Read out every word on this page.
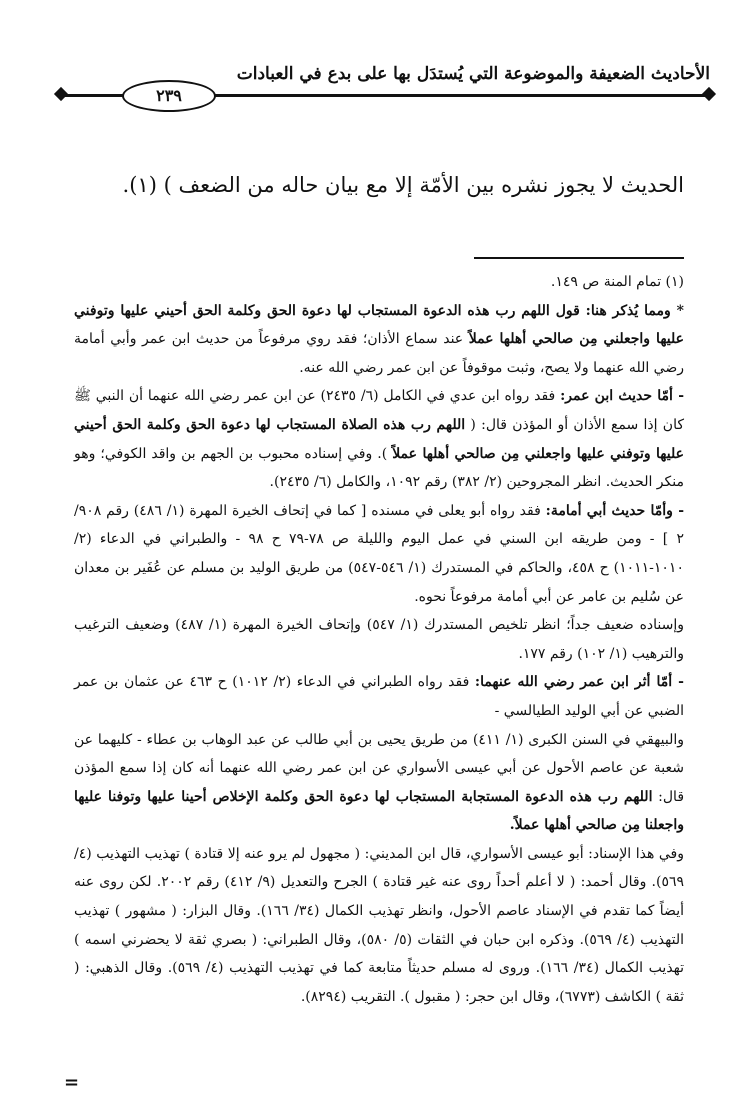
الأحاديث الضعيفة والموضوعة التي يُستدَل بها على بدع في العبادات
٢٣٩
الحديث لا يجوز نشره بين الأمّة إلا مع بيان حاله من الضعف ) (١).

(١) تمام المنة ص ١٤٩.

* ومما يُذكر هنا: قول اللهم رب هذه الدعوة المستجاب لها دعوة الحق وكلمة الحق أحيني عليها وتوفني عليها واجعلني مِن صالحي أهلها عملاً عند سماع الأذان؛ فقد روي مرفوعاً من حديث ابن عمر وأبي أمامة رضي الله عنهما ولا يصح، وثبت موقوفاً عن ابن عمر رضي الله عنه.

- أمّا حديث ابن عمر: فقد رواه ابن عدي في الكامل (٦/ ٢٤٣٥) عن ابن عمر رضي الله عنهما أن النبي ﷺ كان إذا سمع الأذان أو المؤذن قال: ( اللهم رب هذه الصلاة المستجاب لها دعوة الحق وكلمة الحق أحيني عليها وتوفني عليها واجعلني مِن صالحي أهلها عملاً ). وفي إسناده محبوب بن الجهم بن واقد الكوفي؛ وهو منكر الحديث. انظر المجروحين (٢/ ٣٨٢) رقم ١٠٩٢، والكامل (٦/ ٢٤٣٥).

- وأمّا حديث أبي أمامة: فقد رواه أبو يعلى في مسنده [ كما في إتحاف الخيرة المهرة (١/ ٤٨٦) رقم ٩٠٨/ ٢ ] - ومن طريقه ابن السني في عمل اليوم والليلة ص ٧٨-٧٩ ح ٩٨ - والطبراني في الدعاء (٢/ ١٠١٠-١٠١١) ح ٤٥٨، والحاكم في المستدرك (١/ ٥٤٦-٥٤٧) من طريق الوليد بن مسلم عن عُفَير بن معدان عن سُليم بن عامر عن أبي أمامة مرفوعاً نحوه.

وإسناده ضعيف جداً؛ انظر تلخيص المستدرك (١/ ٥٤٧) وإتحاف الخيرة المهرة (١/ ٤٨٧) وضعيف الترغيب والترهيب (١/ ١٠٢) رقم ١٧٧.

- أمّا أثر ابن عمر رضي الله عنهما: فقد رواه الطبراني في الدعاء (٢/ ١٠١٢) ح ٤٦٣ عن عثمان بن عمر الضبي عن أبي الوليد الطيالسي -

والبيهقي في السنن الكبرى (١/ ٤١١) من طريق يحيى بن أبي طالب عن عبد الوهاب بن عطاء - كليهما عن شعبة عن عاصم الأحول عن أبي عيسى الأسواري عن ابن عمر رضي الله عنهما أنه كان إذا سمع المؤذن قال: اللهم رب هذه الدعوة المستجابة المستجاب لها دعوة الحق وكلمة الإخلاص أحينا عليها وتوفنا عليها واجعلنا مِن صالحي أهلها عملاً.

وفي هذا الإسناد: أبو عيسى الأسواري، قال ابن المديني: ( مجهول لم يرو عنه إلا قتادة ) تهذيب التهذيب (٤/ ٥٦٩). وقال أحمد: ( لا أعلم أحداً روى عنه غير قتادة ) الجرح والتعديل (٩/ ٤١٢) رقم ٢٠٠٢. لكن روى عنه أيضاً كما تقدم في الإسناد عاصم الأحول، وانظر تهذيب الكمال (٣٤/ ١٦٦). وقال البزار: ( مشهور ) تهذيب التهذيب (٤/ ٥٦٩). وذكره ابن حبان في الثقات (٥/ ٥٨٠)، وقال الطبراني: ( بصري ثقة لا يحضرني اسمه ) تهذيب الكمال (٣٤/ ١٦٦). وروى له مسلم حديثاً متابعة كما في تهذيب التهذيب (٤/ ٥٦٩). وقال الذهبي: ( ثقة ) الكاشف (٦٧٧٣)، وقال ابن حجر: ( مقبول ). التقريب (٨٢٩٤).

=
